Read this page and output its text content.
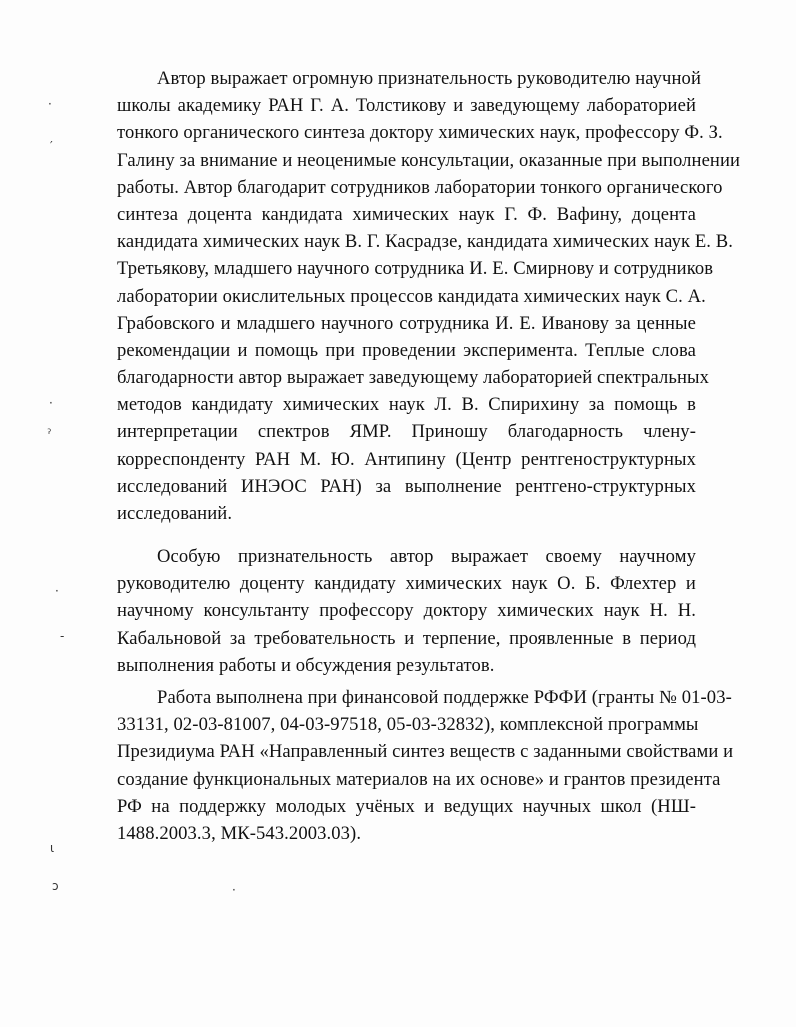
·
′
·
ˀ
·
-
ɩ
ɔ	·
Автор выражает огромную признательность руководителю научной
школы академику РАН Г. А. Толстикову и заведующему лабораторией
тонкого органического синтеза доктору химических наук, профессору Ф. З.
Галину за внимание и неоценимые консультации, оказанные при выполнении
работы. Автор благодарит сотрудников лаборатории тонкого органического
синтеза доцента кандидата химических наук Г. Ф. Вафину, доцента
кандидата химических наук В. Г. Касрадзе, кандидата химических наук Е. В.
Третьякову, младшего научного сотрудника И. Е. Смирнову и сотрудников
лаборатории окислительных процессов кандидата химических наук С. А.
Грабовского и младшего научного сотрудника И. Е. Иванову за ценные
рекомендации и помощь при проведении эксперимента. Теплые слова
благодарности автор выражает заведующему лабораторией спектральных
методов кандидату химических наук Л. В. Спирихину за помощь в
интерпретации спектров ЯМР. Приношу благодарность члену-
корреспонденту РАН М. Ю. Антипину (Центр рентгеноструктурных
исследований ИНЭОС РАН) за выполнение рентгено-структурных
исследований.
Особую признательность автор выражает своему научному
руководителю доценту кандидату химических наук О. Б. Флехтер и
научному консультанту профессору доктору химических наук Н. Н.
Кабальновой за требовательность и терпение, проявленные в период
выполнения работы и обсуждения результатов.
Работа выполнена при финансовой поддержке РФФИ (гранты № 01-03-
33131, 02-03-81007, 04-03-97518, 05-03-32832), комплексной программы
Президиума РАН «Направленный синтез веществ с заданными свойствами и
создание функциональных материалов на их основе» и грантов президента
РФ на поддержку молодых учёных и ведущих научных школ (НШ-
1488.2003.3, МК-543.2003.03).
